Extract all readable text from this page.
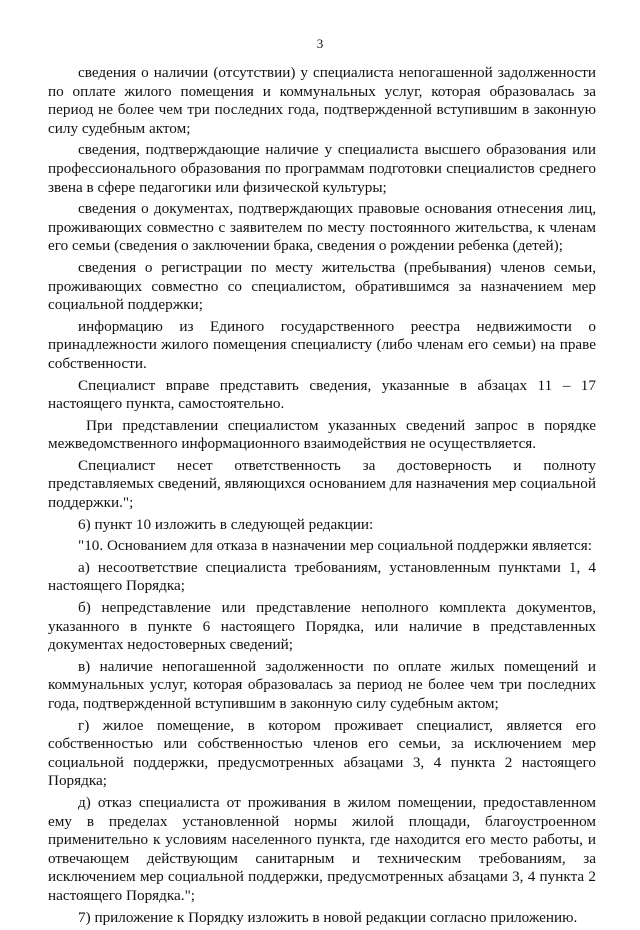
3

сведения о наличии (отсутствии) у специалиста непогашенной задолженности по оплате жилого помещения и коммунальных услуг, которая образовалась за период не более чем три последних года, подтвержденной вступившим в законную силу судебным актом;

сведения, подтверждающие наличие у специалиста высшего образования или профессионального образования по программам подготовки специалистов среднего звена в сфере педагогики или физической культуры;

сведения о документах, подтверждающих правовые основания отнесения лиц, проживающих совместно с заявителем по месту постоянного жительства, к членам его семьи (сведения о заключении брака, сведения о рождении ребенка (детей);

сведения о регистрации по месту жительства (пребывания) членов семьи, проживающих совместно со специалистом, обратившимся за назначением мер социальной поддержки;

информацию из Единого государственного реестра недвижимости о принадлежности жилого помещения специалисту (либо членам его семьи) на праве собственности.

Специалист вправе представить сведения, указанные в абзацах 11 – 17 настоящего пункта, самостоятельно.

При представлении специалистом указанных сведений запрос в порядке межведомственного информационного взаимодействия не осуществляется.

Специалист несет ответственность за достоверность и полноту представляемых сведений, являющихся основанием для назначения мер социальной поддержки.";

6) пункт 10 изложить в следующей редакции:

"10. Основанием для отказа в назначении мер социальной поддержки является:

а) несоответствие специалиста требованиям, установленным пунктами 1, 4 настоящего Порядка;

б) непредставление или представление неполного комплекта документов, указанного в пункте 6 настоящего Порядка, или наличие в представленных документах недостоверных сведений;

в) наличие непогашенной задолженности по оплате жилых помещений и коммунальных услуг, которая образовалась за период не более чем три последних года, подтвержденной вступившим в законную силу судебным актом;

г) жилое помещение, в котором проживает специалист, является его собственностью или собственностью членов его семьи, за исключением мер социальной поддержки, предусмотренных абзацами 3, 4 пункта 2 настоящего Порядка;

д) отказ специалиста от проживания в жилом помещении, предоставленном ему в пределах установленной нормы жилой площади, благоустроенном применительно к условиям населенного пункта, где находится его место работы, и отвечающем действующим санитарным и техническим требованиям, за исключением мер социальной поддержки, предусмотренных абзацами 3, 4 пункта 2 настоящего Порядка.";

7) приложение к Порядку изложить в новой редакции согласно приложению.
